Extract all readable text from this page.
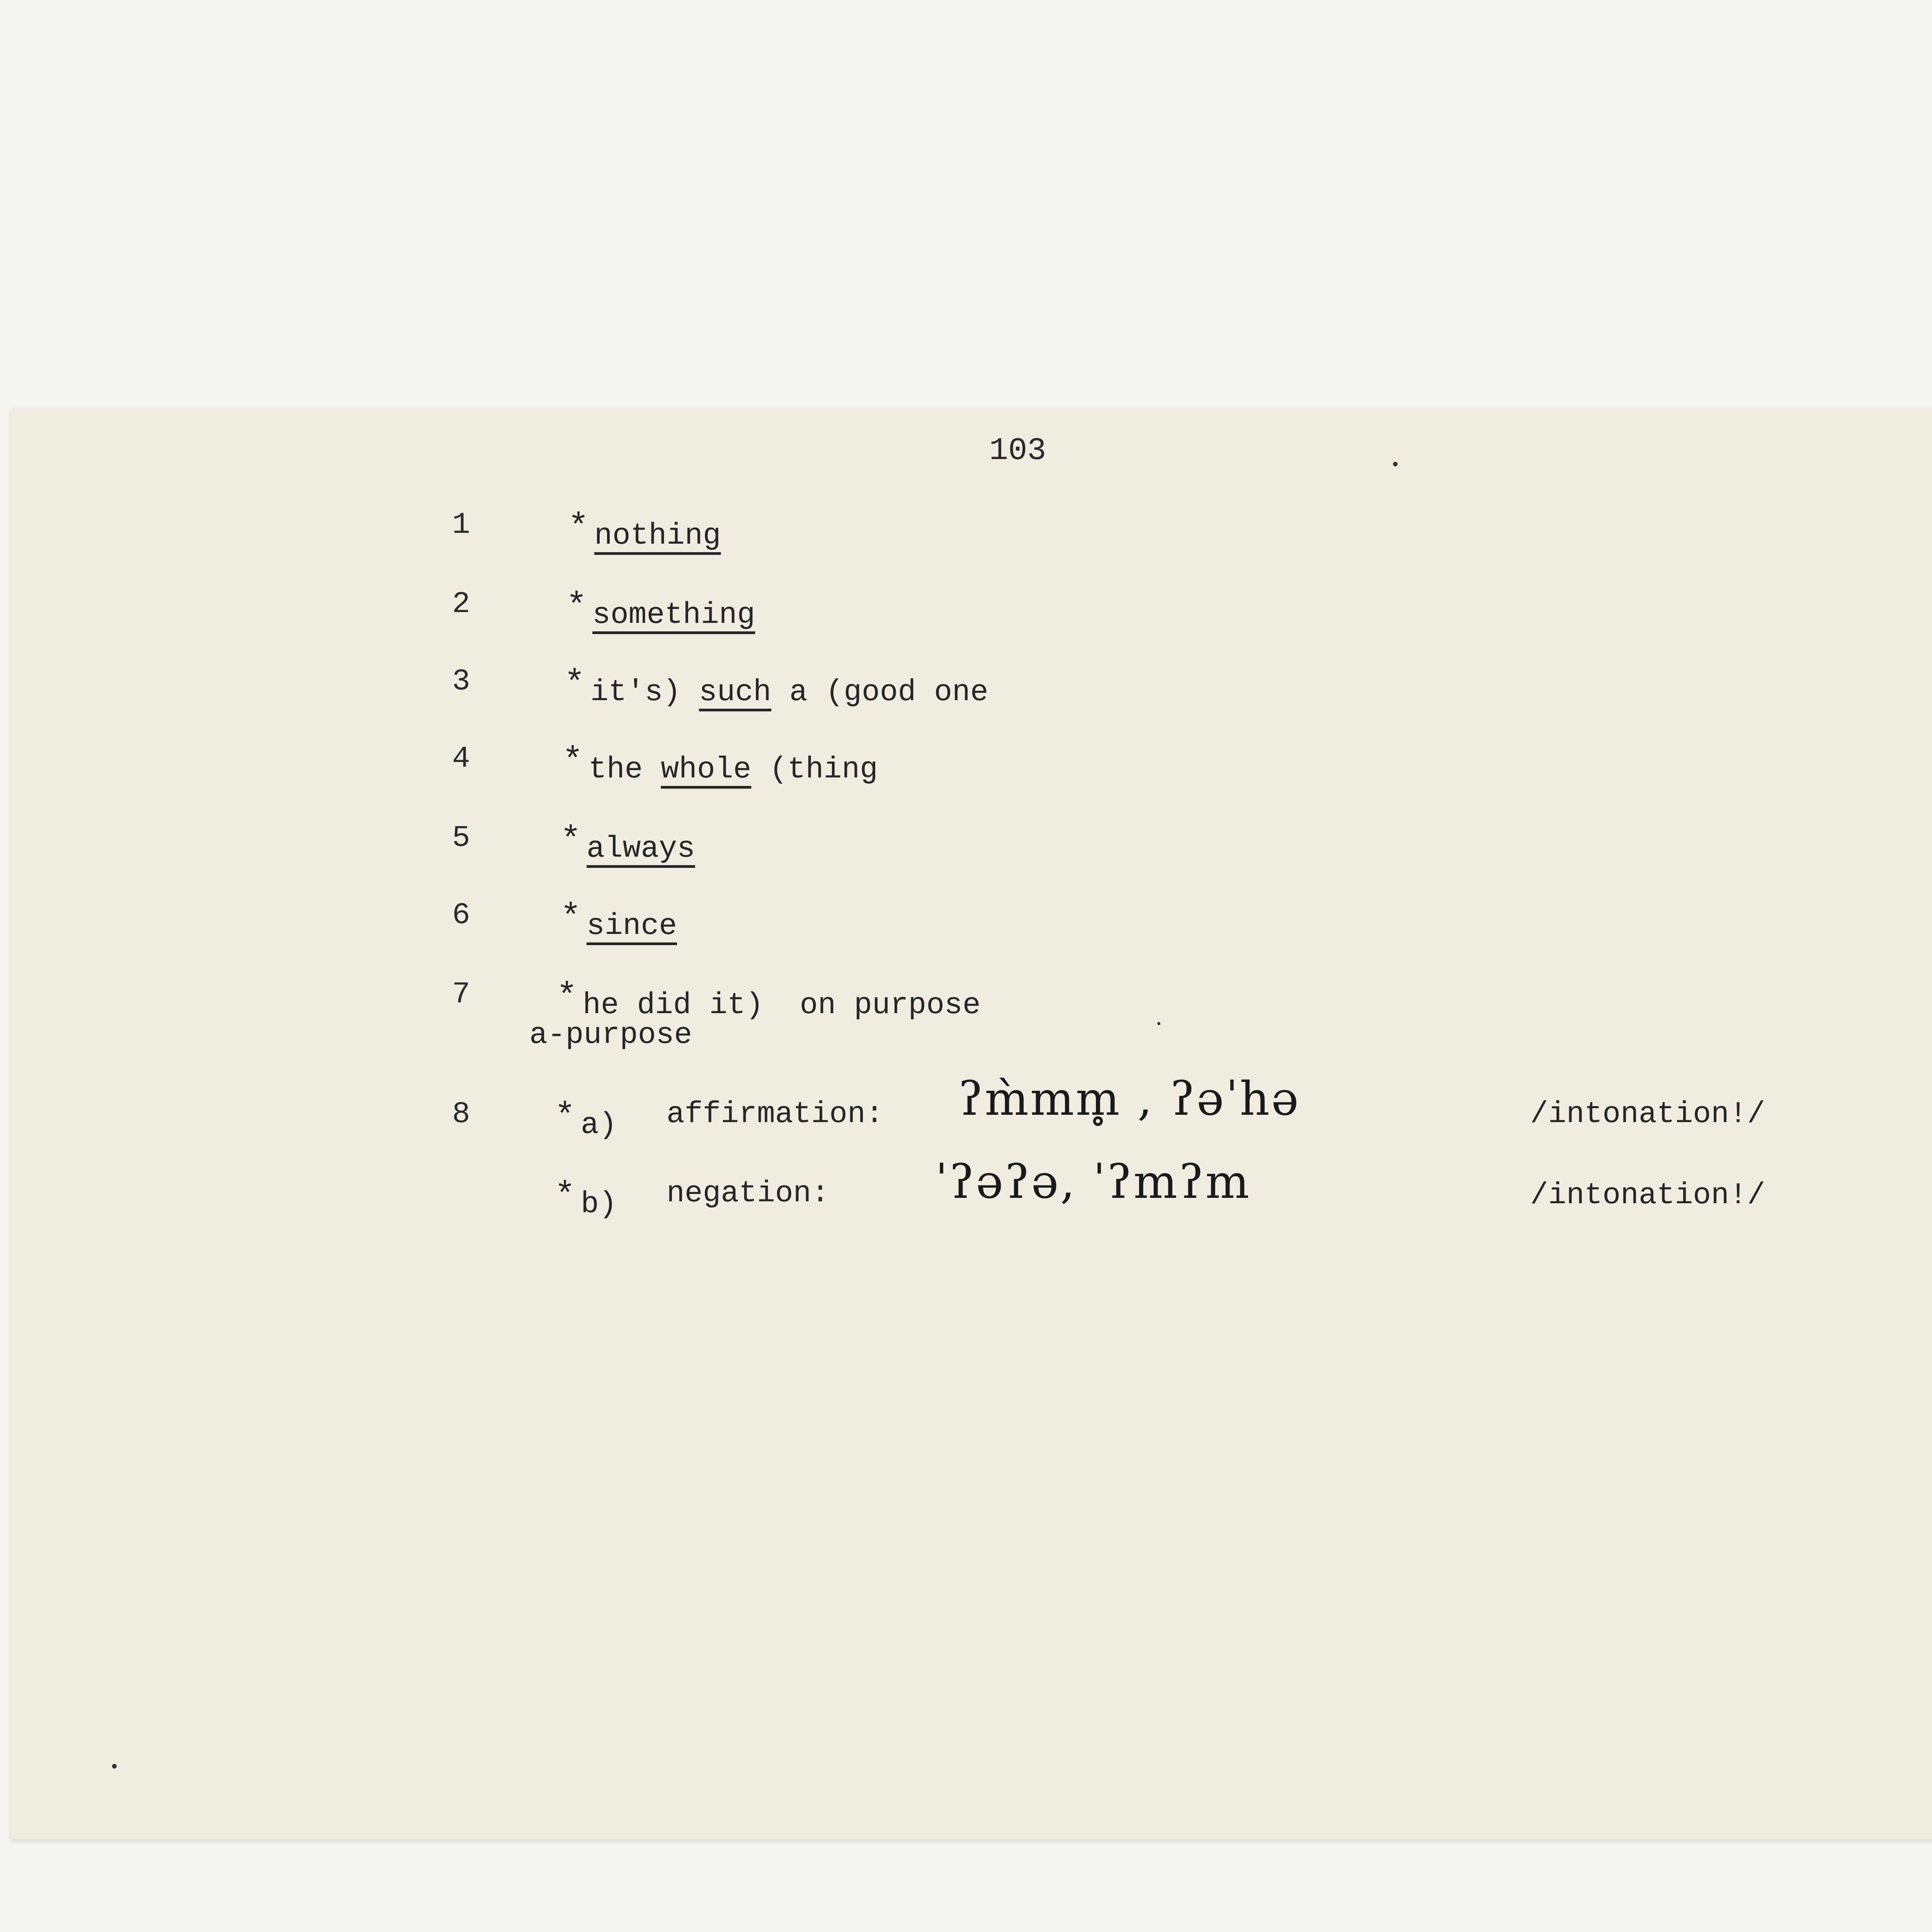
103
1	* nothing
2	* something
3	* it's) such a (good one
4	* the whole (thing
5	* always
6	* since
7 * he did it)  on purpose
a-purpose
8 * a) affirmation: ʔm̀mm̥ , ʔəˈhə	/intonation!/
* b) negation: ˈʔəʔə, ˈʔmʔm	/intonation!/
